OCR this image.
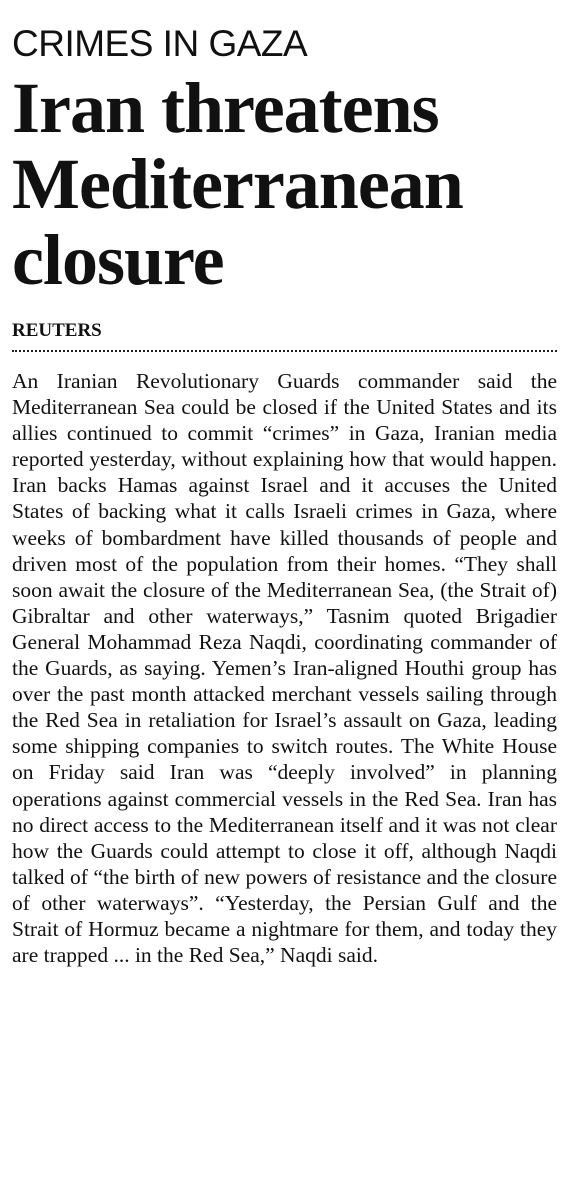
CRIMES IN GAZA
Iran threatens
Mediterranean
closure
REUTERS

An Iranian Revolutionary Guards commander said the Mediterranean Sea could be closed if the United States and its allies continued to commit “crimes” in Gaza, Iranian media reported yesterday, without explaining how that would happen. Iran backs Hamas against Israel and it accuses the United States of backing what it calls Israeli crimes in Gaza, where weeks of bombardment have killed thousands of people and driven most of the population from their homes. “They shall soon await the closure of the Mediterranean Sea, (the Strait of) Gibraltar and other waterways,” Tasnim quoted Brigadier General Mohammad Reza Naqdi, coordinating commander of the Guards, as saying. Yemen’s Iran-aligned Houthi group has over the past month attacked merchant vessels sailing through the Red Sea in retaliation for Israel’s assault on Gaza, leading some shipping companies to switch routes. The White House on Friday said Iran was “deeply involved” in planning operations against commercial vessels in the Red Sea. Iran has no direct access to the Mediterranean itself and it was not clear how the Guards could attempt to close it off, although Naqdi talked of “the birth of new powers of resistance and the closure of other waterways”. “Yesterday, the Persian Gulf and the Strait of Hormuz became a nightmare for them, and today they are trapped ... in the Red Sea,” Naqdi said.
